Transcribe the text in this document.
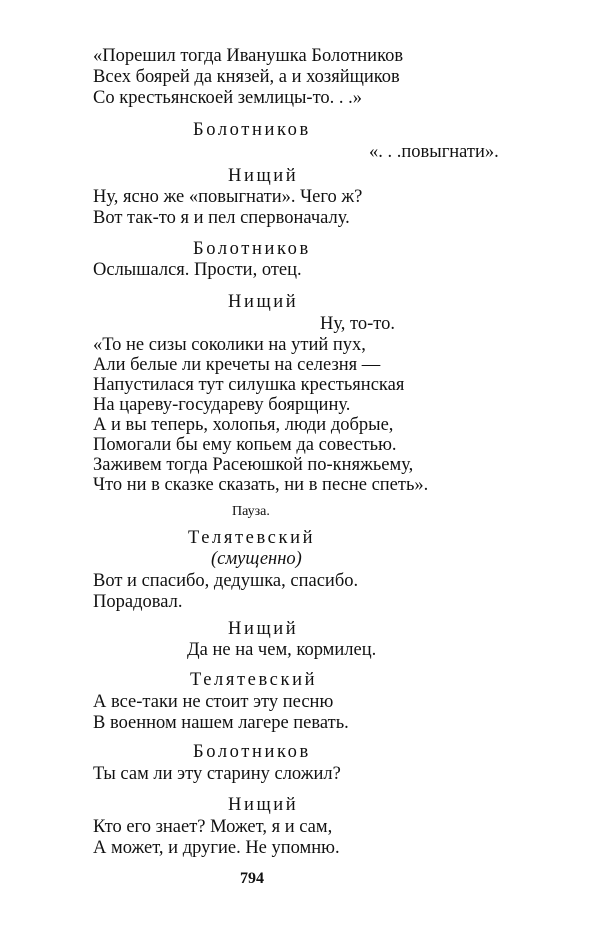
«Порешил тогда Иванушка Болотников
Всех боярей да князей, а и хозяйщиков
Со крестьянскоей землицы-то. . .»
Болотников
«. . .повыгнати».
Нищий
Ну, ясно же «повыгнати». Чего ж?
Вот так-то я и пел спервоначалу.
Болотников
Ослышался. Прости, отец.
Нищий
Ну, то-то.
«То не сизы соколики на утий пух,
Али белые ли кречеты на селезня —
Напустилася тут силушка крестьянская
На цареву-государеву боярщину.
А и вы теперь, холопья, люди добрые,
Помогали бы ему копьем да совестью.
Заживем тогда Расеюшкой по-княжьему,
Что ни в сказке сказать, ни в песне спеть».
Пауза.
Телятевский
(смущенно)
Вот и спасибо, дедушка, спасибо.
Порадовал.
Нищий
Да не на чем, кормилец.
Телятевский
А все-таки не стоит эту песню
В военном нашем лагере певать.
Болотников
Ты сам ли эту старину сложил?
Нищий
Кто его знает? Может, я и сам,
А может, и другие. Не упомню.
794
